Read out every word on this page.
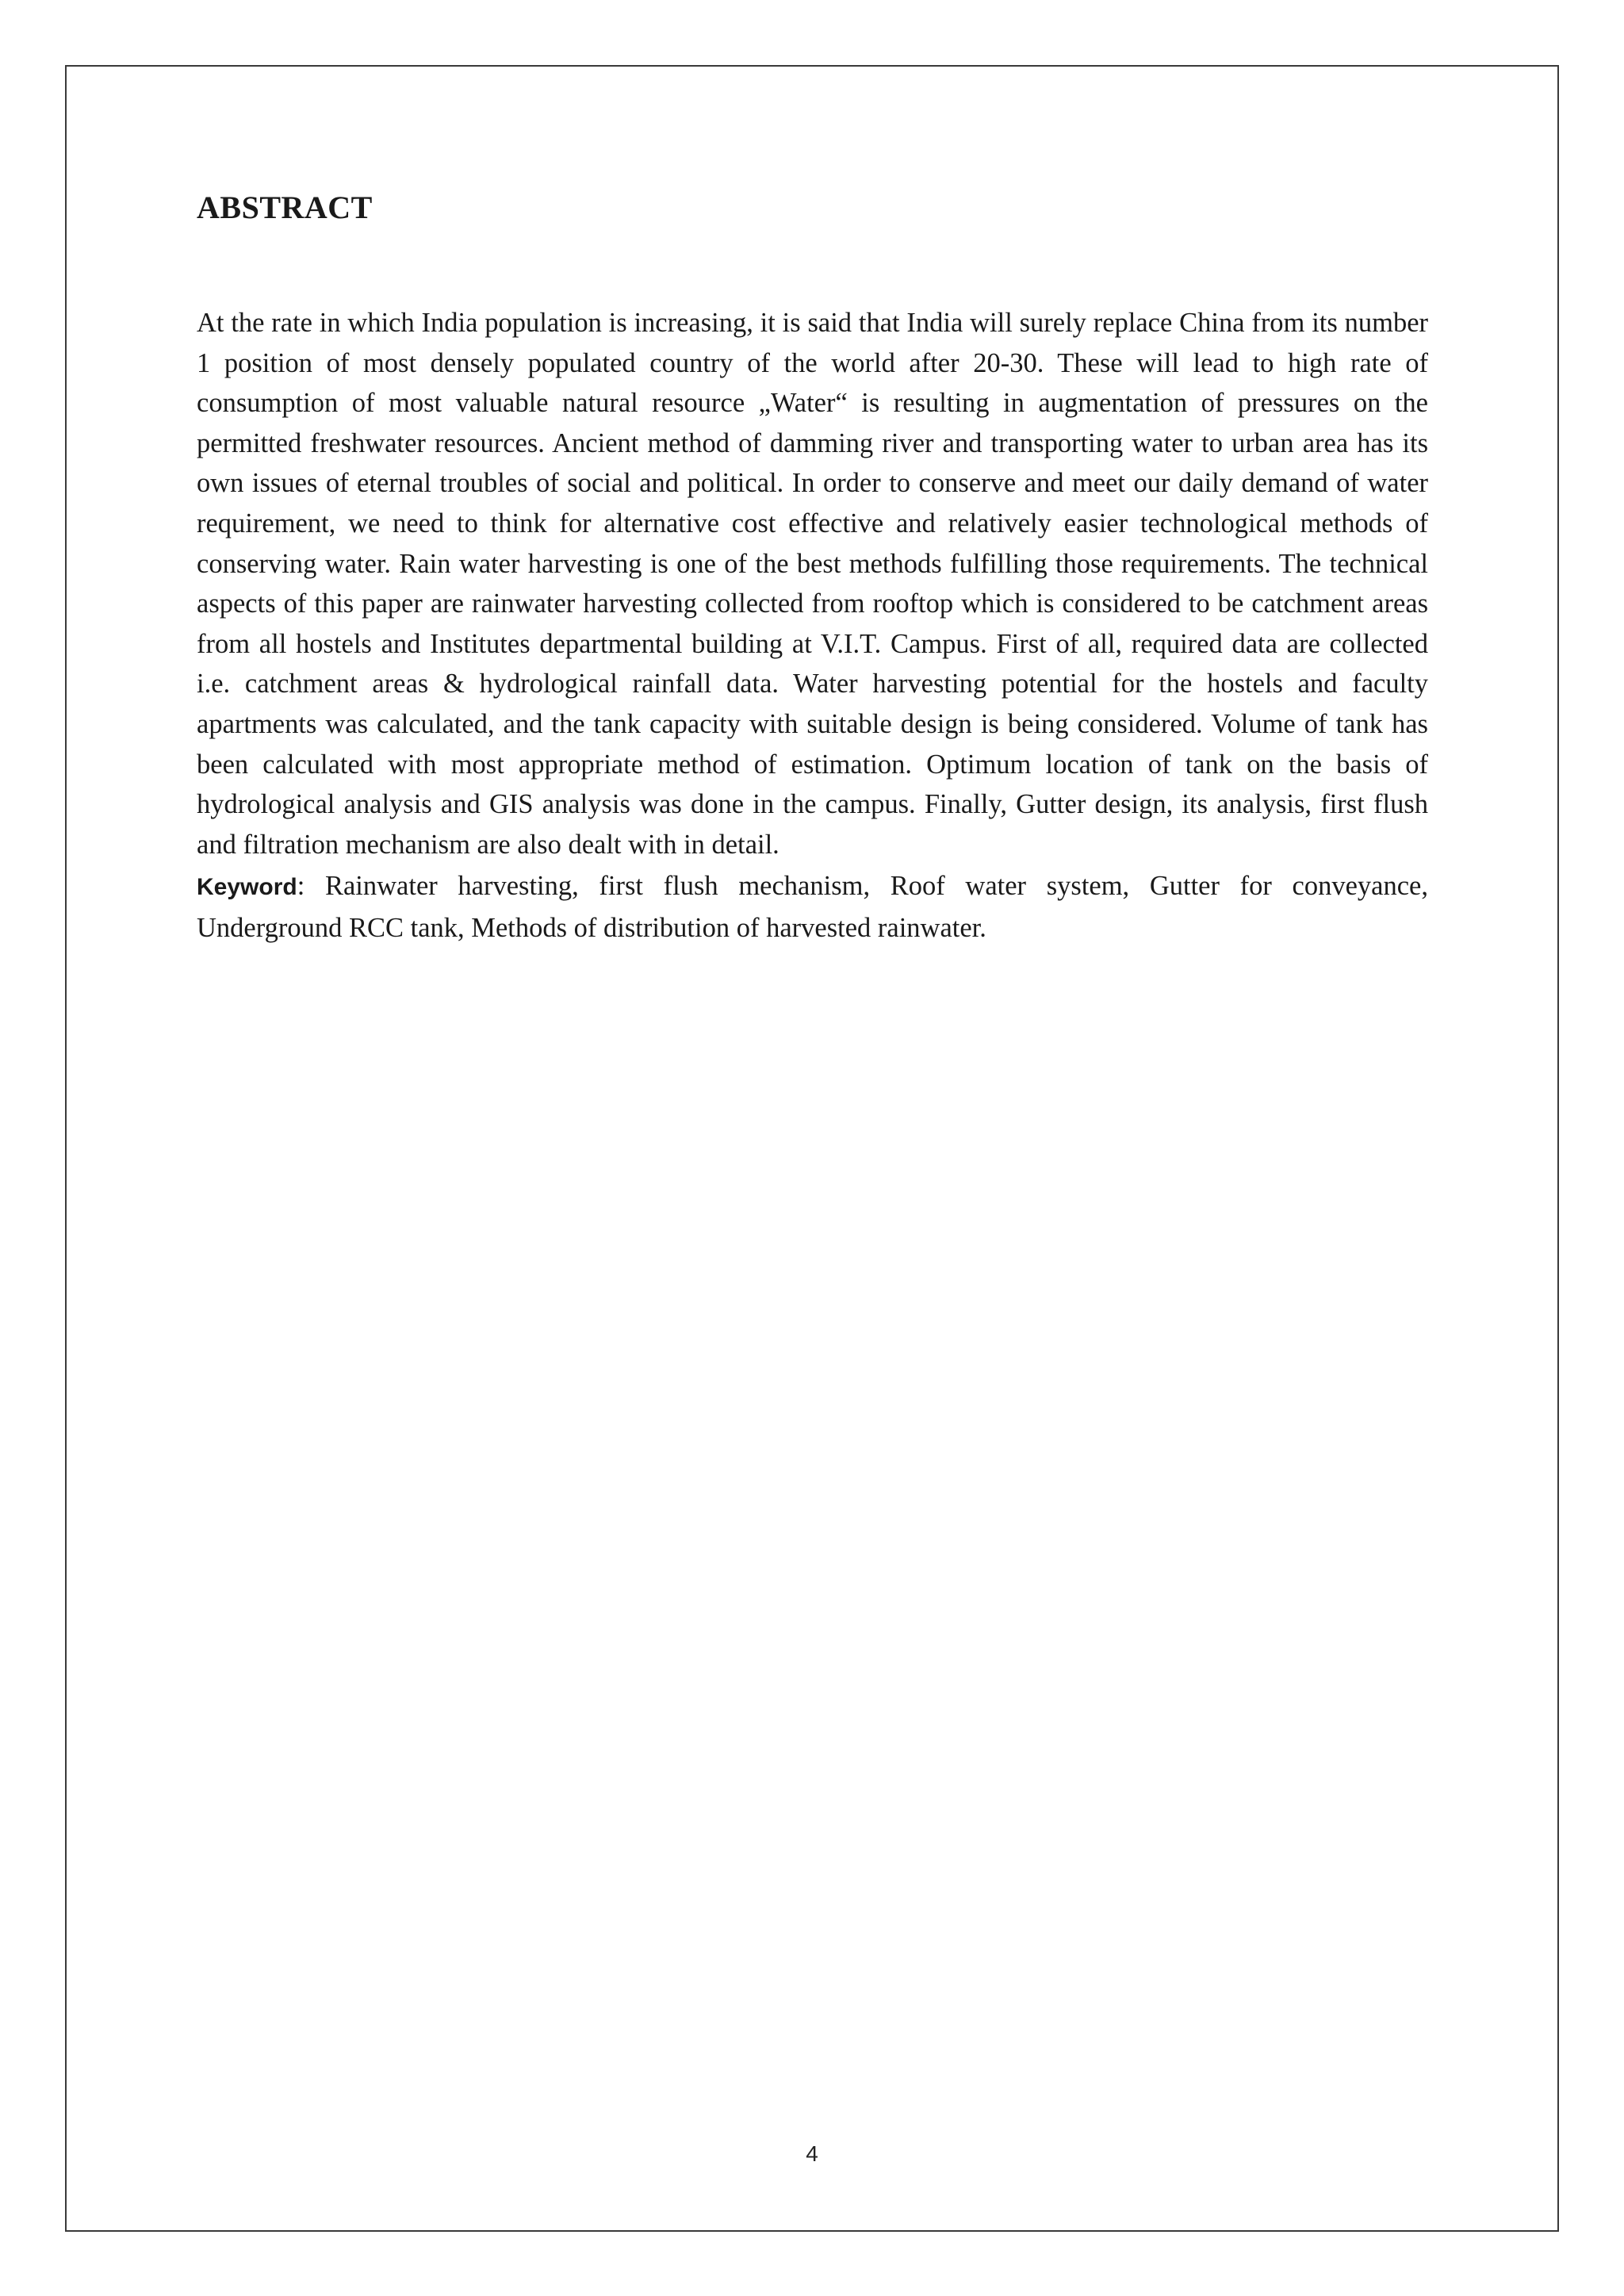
ABSTRACT

At the rate in which India population is increasing, it is said that India will surely replace China from its number 1 position of most densely populated country of the world after 20-30. These will lead to high rate of consumption of most valuable natural resource „Water“ is resulting in augmentation of pressures on the permitted freshwater resources. Ancient method of damming river and transporting water to urban area has its own issues of eternal troubles of social and political. In order to conserve and meet our daily demand of water requirement, we need to think for alternative cost effective and relatively easier technological methods of conserving water. Rain water harvesting is one of the best methods fulfilling those requirements. The technical aspects of this paper are rainwater harvesting collected from rooftop which is considered to be catchment areas from all hostels and Institutes departmental building at V.I.T. Campus. First of all, required data are collected i.e. catchment areas & hydrological rainfall data. Water harvesting potential for the hostels and faculty apartments was calculated, and the tank capacity with suitable design is being considered. Volume of tank has been calculated with most appropriate method of estimation. Optimum location of tank on the basis of hydrological analysis and GIS analysis was done in the campus. Finally, Gutter design, its analysis, first flush and filtration mechanism are also dealt with in detail.

Keyword: Rainwater harvesting, first flush mechanism, Roof water system, Gutter for conveyance, Underground RCC tank, Methods of distribution of harvested rainwater.

4
